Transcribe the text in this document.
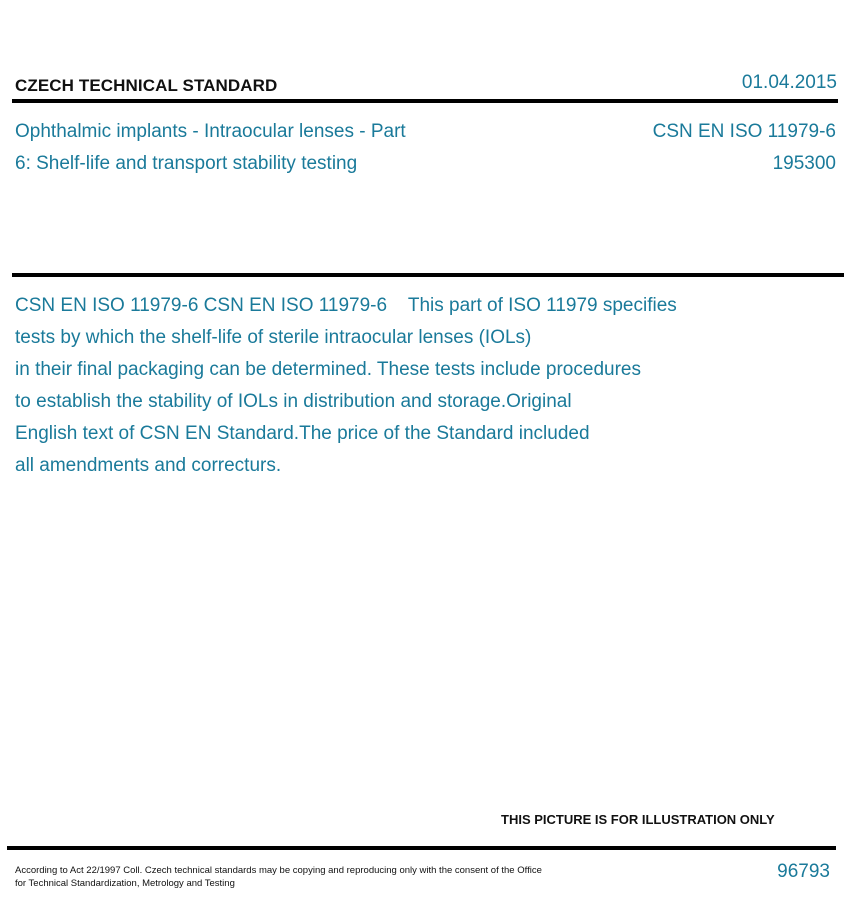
CZECH TECHNICAL STANDARD	01.04.2015
Ophthalmic implants - Intraocular lenses - Part
6: Shelf-life and transport stability testing
CSN EN ISO 11979-6
195300
CSN EN ISO 11979-6 CSN EN ISO 11979-6    This part of ISO 11979 specifies
tests by which the shelf-life of sterile intraocular lenses (IOLs)
in their final packaging can be determined. These tests include procedures
to establish the stability of IOLs in distribution and storage.Original
English text of CSN EN Standard.The price of the Standard included
all amendments and correcturs.
THIS PICTURE IS FOR ILLUSTRATION ONLY
According to Act 22/1997 Coll. Czech technical standards may be copying and reproducing only with the consent of the Office
for Technical Standardization, Metrology and Testing
96793
